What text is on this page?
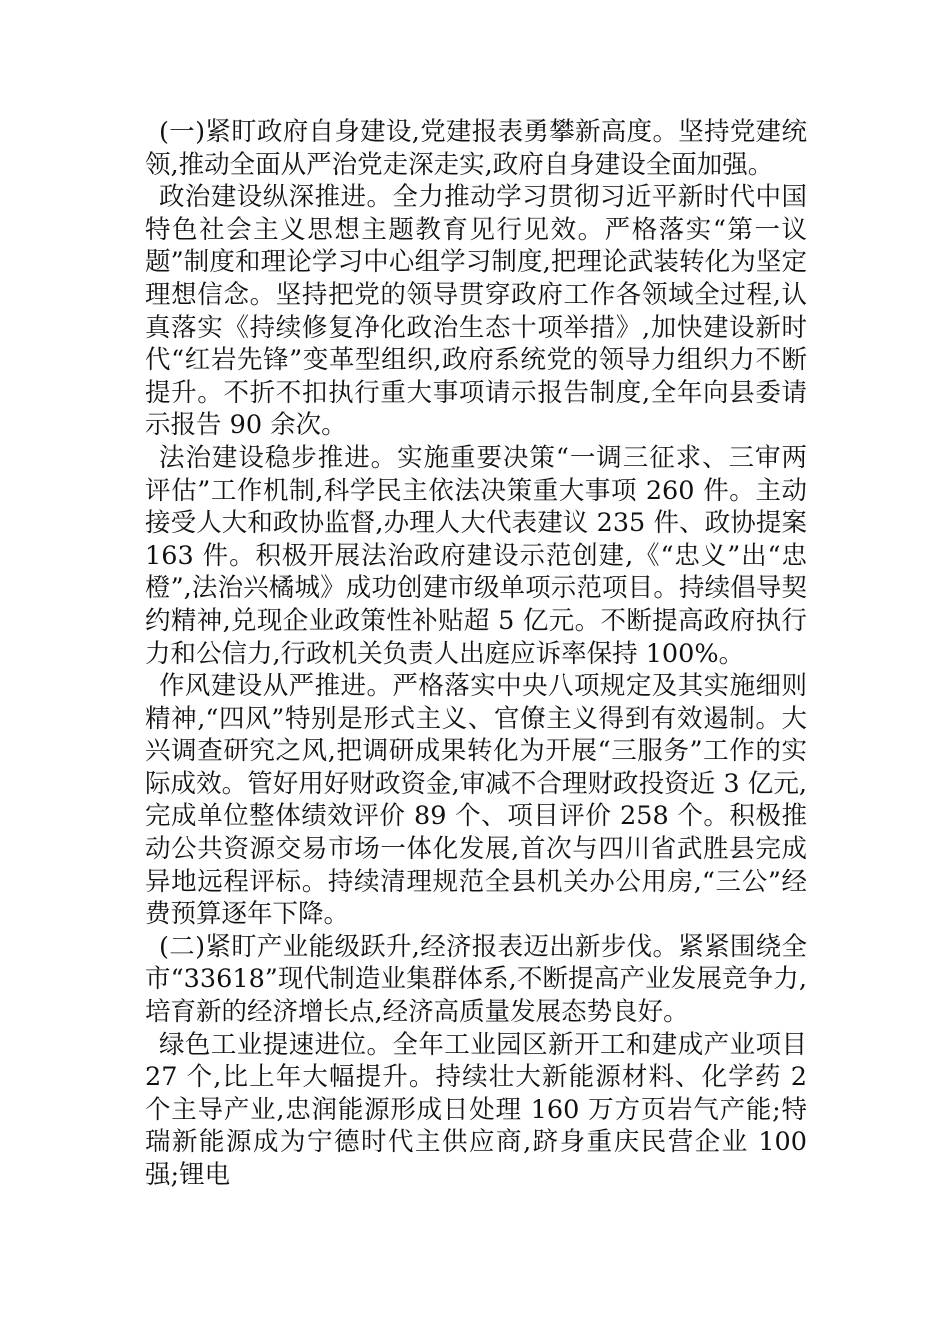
(一)紧盯政府自身建设,党建报表勇攀新高度。坚持党建统领,推动全面从严治党走深走实,政府自身建设全面加强。

政治建设纵深推进。全力推动学习贯彻习近平新时代中国特色社会主义思想主题教育见行见效。严格落实“第一议题”制度和理论学习中心组学习制度,把理论武装转化为坚定理想信念。坚持把党的领导贯穿政府工作各领域全过程,认真落实《持续修复净化政治生态十项举措》,加快建设新时代“红岩先锋”变革型组织,政府系统党的领导力组织力不断提升。不折不扣执行重大事项请示报告制度,全年向县委请示报告 90 余次。

法治建设稳步推进。实施重要决策“一调三征求、三审两评估”工作机制,科学民主依法决策重大事项 260 件。主动接受人大和政协监督,办理人大代表建议 235 件、政协提案 163 件。积极开展法治政府建设示范创建,《“忠义”出“忠橙”,法治兴橘城》成功创建市级单项示范项目。持续倡导契约精神,兑现企业政策性补贴超 5 亿元。不断提高政府执行力和公信力,行政机关负责人出庭应诉率保持 100%。

作风建设从严推进。严格落实中央八项规定及其实施细则精神,“四风”特别是形式主义、官僚主义得到有效遏制。大兴调查研究之风,把调研成果转化为开展“三服务”工作的实际成效。管好用好财政资金,审减不合理财政投资近 3 亿元,完成单位整体绩效评价 89 个、项目评价 258 个。积极推动公共资源交易市场一体化发展,首次与四川省武胜县完成异地远程评标。持续清理规范全县机关办公用房,“三公”经费预算逐年下降。

(二)紧盯产业能级跃升,经济报表迈出新步伐。紧紧围绕全市“33618”现代制造业集群体系,不断提高产业发展竞争力,培育新的经济增长点,经济高质量发展态势良好。

绿色工业提速进位。全年工业园区新开工和建成产业项目 27 个,比上年大幅提升。持续壮大新能源材料、化学药 2 个主导产业,忠润能源形成日处理 160 万方页岩气产能;特瑞新能源成为宁德时代主供应商,跻身重庆民营企业 100 强;锂电
